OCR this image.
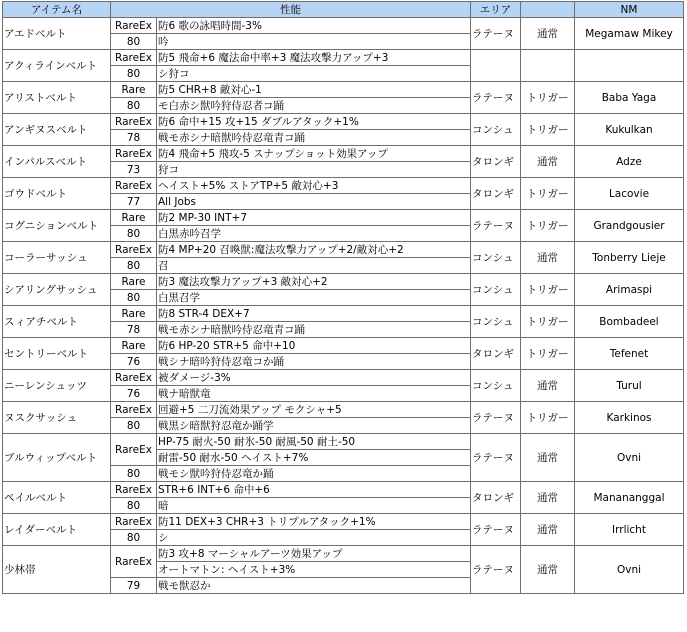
アイテム名	性能		エリア		NM
アエドベルト	RareEx	防6 歌の詠唱時間-3%	ラテーヌ	通常	Megamaw Mikey
	80	吟			
アクィラインベルト	RareEx	防5 飛命+6 魔法命中率+3 魔法攻撃力アップ+3			
	80	シ狩コ			
アリストベルト	Rare	防5 CHR+8 敵対心-1	ラテーヌ	トリガー	Baba Yaga
	80	モ白赤シ獣吟狩侍忍者コ踊			
アンギヌスベルト	RareEx	防6 命中+15 攻+15 ダブルアタック+1%	コンシュ	トリガー	Kukulkan
	78	戦モ赤シナ暗獣吟侍忍竜青コ踊			
インパルスベルト	RareEx	防4 飛命+5 飛攻-5 スナップショット効果アップ	タロンギ	通常	Adze
	73	狩コ			
ゴウドベルト	RareEx	ヘイスト+5% ストアTP+5 敵対心+3	タロンギ	トリガー	Lacovie
	77	All Jobs			
コグニションベルト	Rare	防2 MP-30 INT+7	ラテーヌ	トリガー	Grandgousier
	80	白黒赤吟召学			
コーラーサッシュ	RareEx	防4 MP+20 召喚獣:魔法攻撃力アップ+2/敵対心+2	コンシュ	通常	Tonberry Lieje
	80	召			
シアリングサッシュ	Rare	防3 魔法攻撃力アップ+3 敵対心+2	コンシュ	トリガー	Arimaspi
	80	白黒召学			
スィアチベルト	Rare	防8 STR-4 DEX+7	コンシュ	トリガー	Bombadeel
	78	戦モ赤シナ暗獣吟侍忍竜青コ踊			
セントリーベルト	Rare	防6 HP-20 STR+5 命中+10	タロンギ	トリガー	Tefenet
	76	戦シナ暗吟狩侍忍竜コか踊			
ニーレンシュッツ	RareEx	被ダメージ-3%	コンシュ	通常	Turul
	76	戦ナ暗獣竜			
ヌスクサッシュ	RareEx	回避+5 二刀流効果アップ モクシャ+5	ラテーヌ	トリガー	Karkinos
	80	戦黒シ暗獣狩忍竜か踊学			
ブルウィップベルト	RareEx	HP-75 耐火-50 耐氷-50 耐風-50 耐土-50	ラテーヌ	通常	Ovni
		耐雷-50 耐水-50 ヘイスト+7%			
	80	戦モシ獣吟狩侍忍竜か踊			
ペイルベルト	RareEx	STR+6 INT+6 命中+6	タロンギ	通常	Manananggal
	80	暗			
レイダーベルト	RareEx	防11 DEX+3 CHR+3 トリプルアタック+1%	ラテーヌ	通常	Irrlicht
	80	シ			
少林帯	RareEx	防3 攻+8 マーシャルアーツ効果アップ	ラテーヌ	通常	Ovni
		オートマトン: ヘイスト+3%			
	79	戦モ獣忍か			
